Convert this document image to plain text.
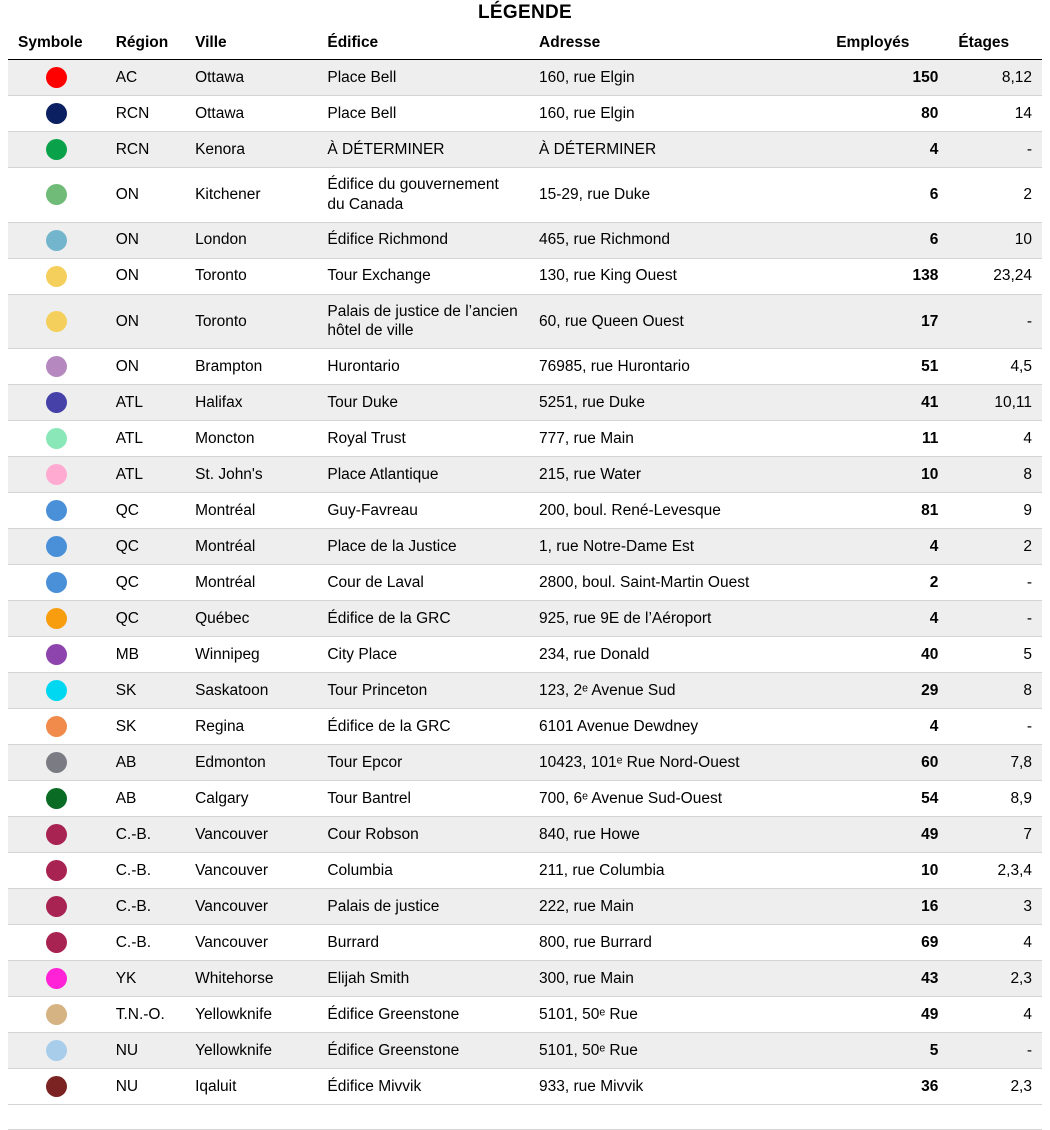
LÉGENDE
Symbole	Région	Ville	Édifice	Adresse	Employés	Étages
	AC	Ottawa	Place Bell	160, rue Elgin	150	8,12
	RCN	Ottawa	Place Bell	160, rue Elgin	80	14
	RCN	Kenora	À DÉTERMINER	À DÉTERMINER	4	-
	ON	Kitchener	Édifice du gouvernement du Canada	15-29, rue Duke	6	2
	ON	London	Édifice Richmond	465, rue Richmond	6	10
	ON	Toronto	Tour Exchange	130, rue King Ouest	138	23,24
	ON	Toronto	Palais de justice de l’ancien hôtel de ville	60, rue Queen Ouest	17	-
	ON	Brampton	Hurontario	76985, rue Hurontario	51	4,5
	ATL	Halifax	Tour Duke	5251, rue Duke	41	10,11
	ATL	Moncton	Royal Trust	777, rue Main	11	4
	ATL	St. John's	Place Atlantique	215, rue Water	10	8
	QC	Montréal	Guy-Favreau	200, boul. René-Levesque	81	9
	QC	Montréal	Place de la Justice	1, rue Notre-Dame Est	4	2
	QC	Montréal	Cour de Laval	2800, boul. Saint-Martin Ouest	2	-
	QC	Québec	Édifice de la GRC	925, rue 9E de l’Aéroport	4	-
	MB	Winnipeg	City Place	234, rue Donald	40	5
	SK	Saskatoon	Tour Princeton	123, 2ᵉ Avenue Sud	29	8
	SK	Regina	Édifice de la GRC	6101 Avenue Dewdney	4	-
	AB	Edmonton	Tour Epcor	10423, 101ᵉ Rue Nord-Ouest	60	7,8
	AB	Calgary	Tour Bantrel	700, 6ᵉ Avenue Sud-Ouest	54	8,9
	C.-B.	Vancouver	Cour Robson	840, rue Howe	49	7
	C.-B.	Vancouver	Columbia	211, rue Columbia	10	2,3,4
	C.-B.	Vancouver	Palais de justice	222, rue Main	16	3
	C.-B.	Vancouver	Burrard	800, rue Burrard	69	4
	YK	Whitehorse	Elijah Smith	300, rue Main	43	2,3
	T.N.-O.	Yellowknife	Édifice Greenstone	5101, 50ᵉ Rue	49	4
	NU	Yellowknife	Édifice Greenstone	5101, 50ᵉ Rue	5	-
	NU	Iqaluit	Édifice Mivvik	933, rue Mivvik	36	2,3
